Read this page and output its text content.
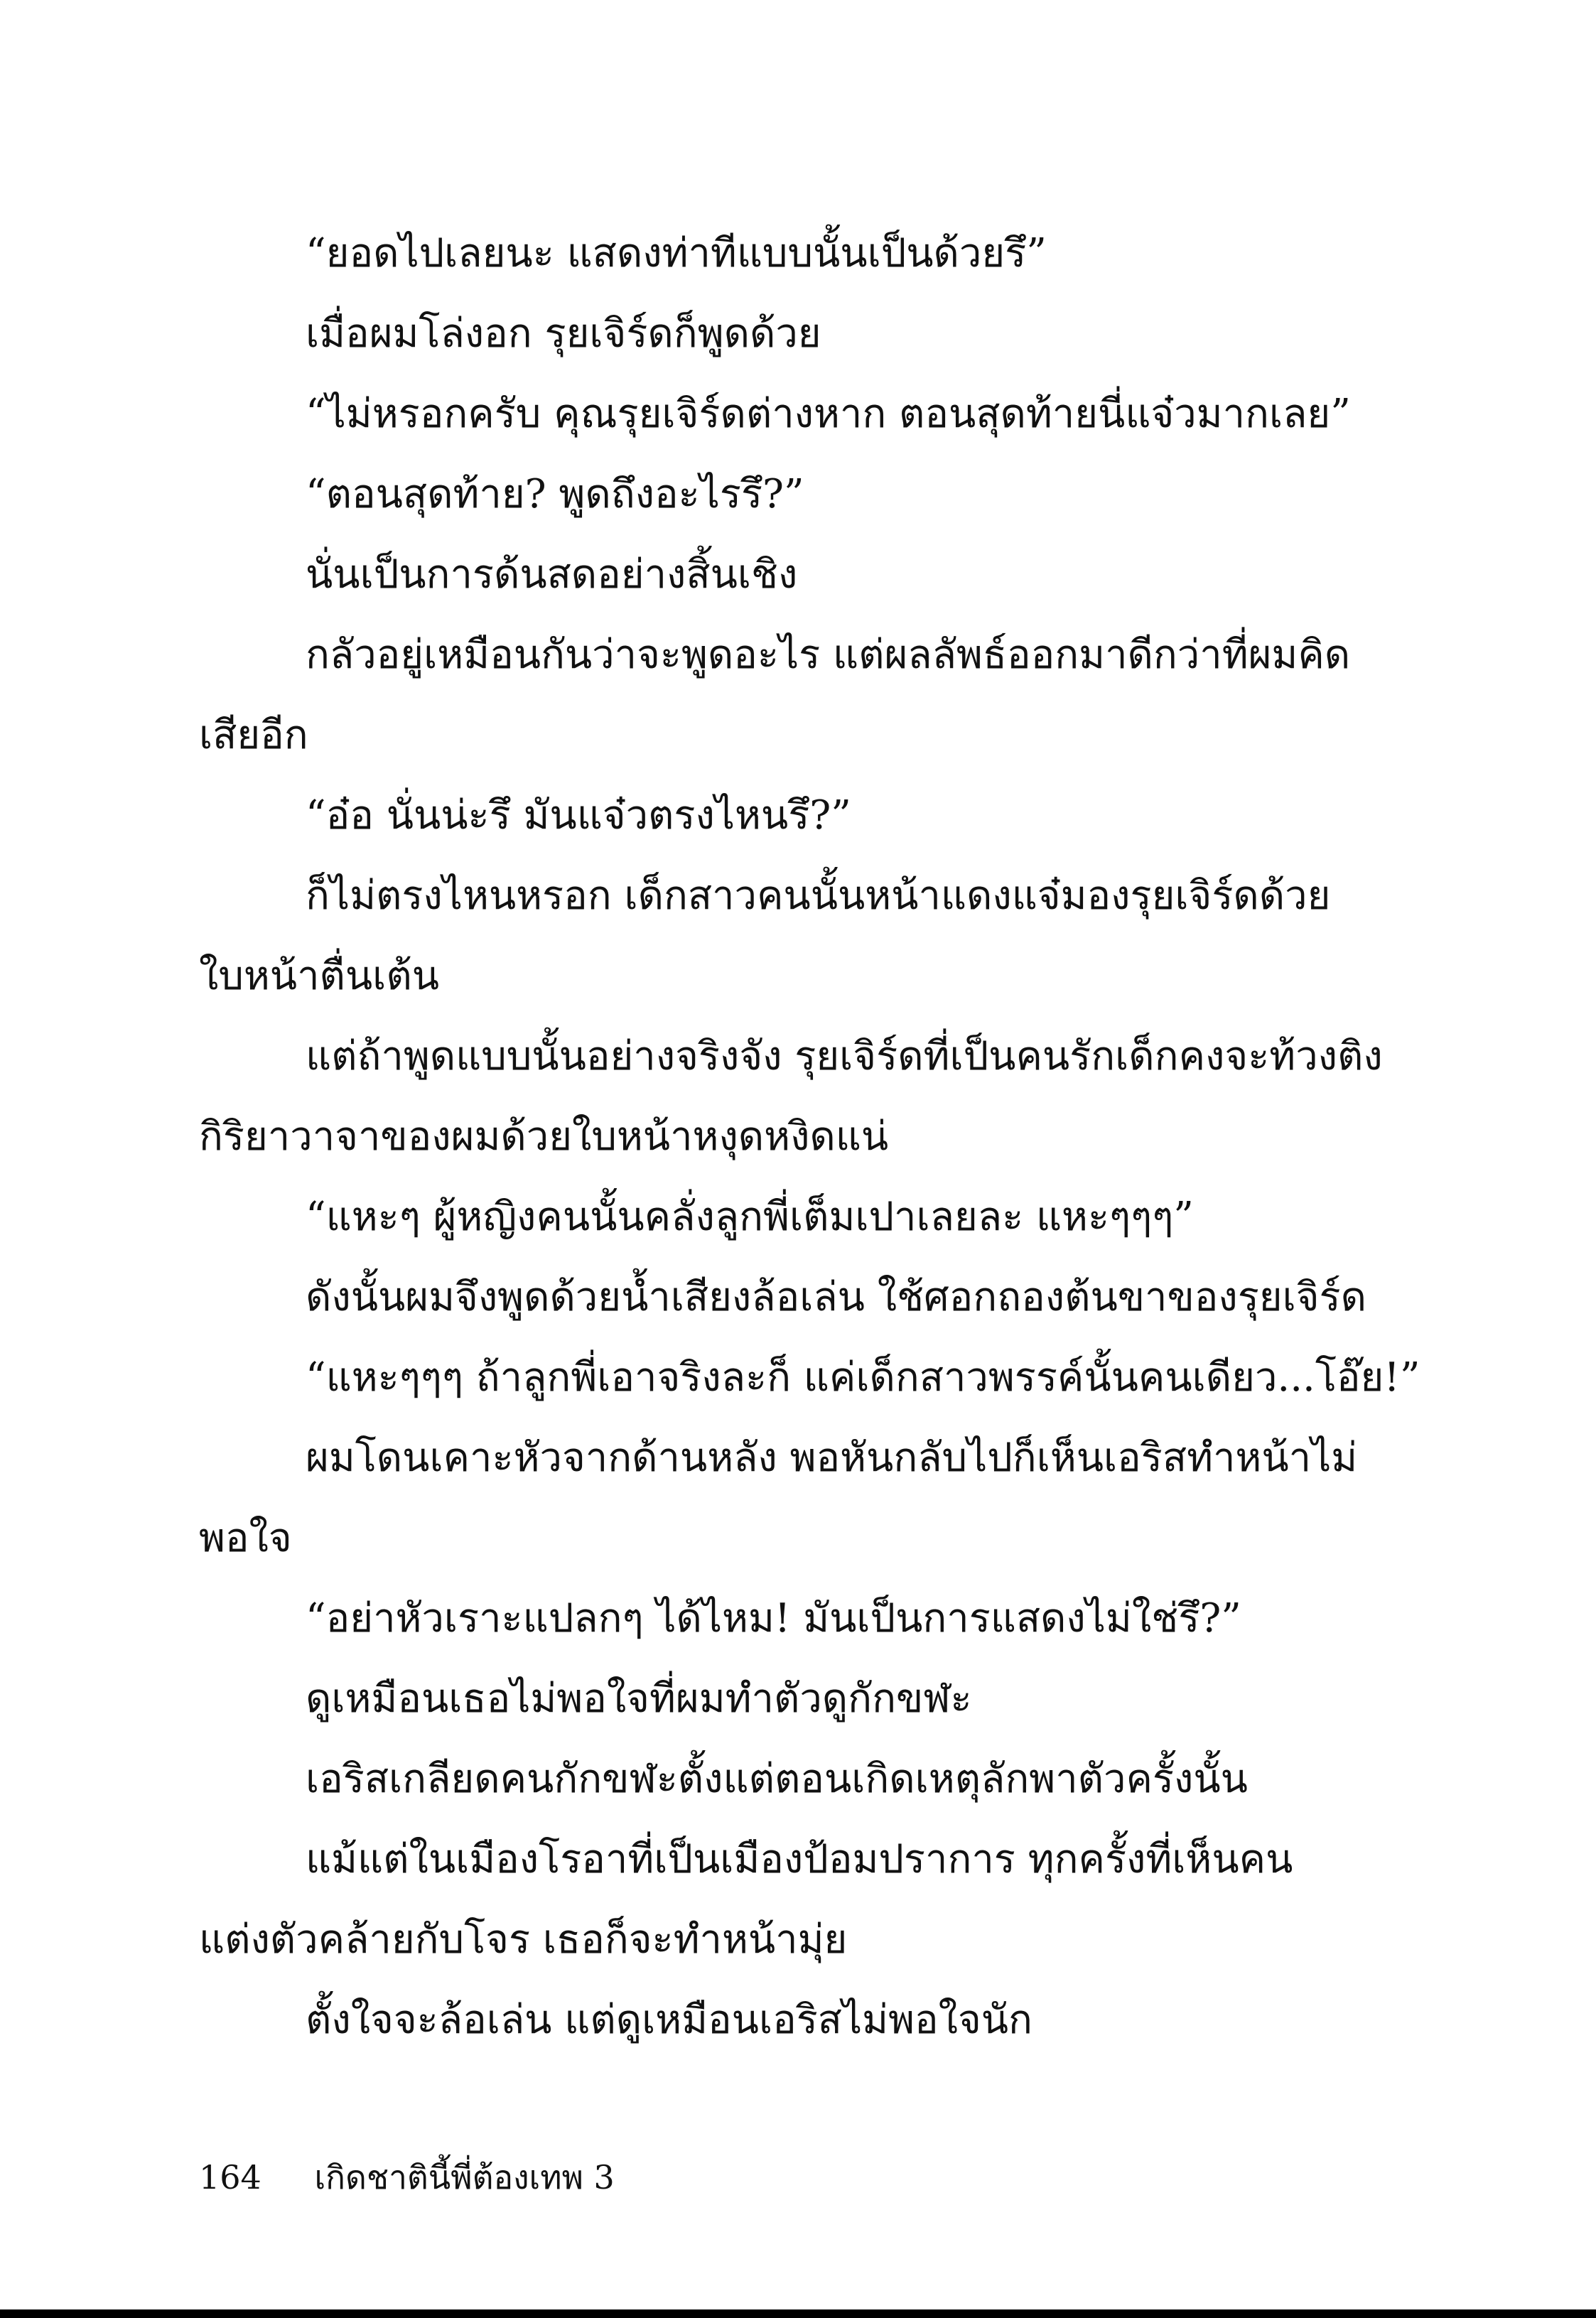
“ยอดไปเลยนะ แสดงท่าทีแบบนั้นเป็นด้วยรึ”
เมื่อผมโล่งอก รุยเจิร์ดก็พูดด้วย
“ไม่หรอกครับ คุณรุยเจิร์ดต่างหาก ตอนสุดท้ายนี่แจ๋วมากเลย”
“ตอนสุดท้าย? พูดถึงอะไรรึ?”
นั่นเป็นการด้นสดอย่างสิ้นเชิง
กลัวอยู่เหมือนกันว่าจะพูดอะไร แต่ผลลัพธ์ออกมาดีกว่าที่ผมคิด
เสียอีก
“อ๋อ นั่นน่ะรึ มันแจ๋วตรงไหนรึ?”
ก็ไม่ตรงไหนหรอก เด็กสาวคนนั้นหน้าแดงแจ๋มองรุยเจิร์ดด้วย
ใบหน้าตื่นเต้น
แต่ถ้าพูดแบบนั้นอย่างจริงจัง รุยเจิร์ดที่เป็นคนรักเด็กคงจะท้วงติง
กิริยาวาจาของผมด้วยใบหน้าหงุดหงิดแน่
“แหะๆ ผู้หญิงคนนั้นคลั่งลูกพี่เต็มเปาเลยละ แหะๆๆๆ”
ดังนั้นผมจึงพูดด้วยน้ำเสียงล้อเล่น ใช้ศอกถองต้นขาของรุยเจิร์ด
“แหะๆๆๆ ถ้าลูกพี่เอาจริงละก็ แค่เด็กสาวพรรค์นั้นคนเดียว...โอ๊ย!”
ผมโดนเคาะหัวจากด้านหลัง พอหันกลับไปก็เห็นเอริสทำหน้าไม่
พอใจ
“อย่าหัวเราะแปลกๆ ได้ไหม! มันเป็นการแสดงไม่ใช่รึ?”
ดูเหมือนเธอไม่พอใจที่ผมทำตัวดูกักขฬะ
เอริสเกลียดคนกักขฬะตั้งแต่ตอนเกิดเหตุลักพาตัวครั้งนั้น
แม้แต่ในเมืองโรอาที่เป็นเมืองป้อมปราการ ทุกครั้งที่เห็นคน
แต่งตัวคล้ายกับโจร เธอก็จะทำหน้ามุ่ย
ตั้งใจจะล้อเล่น แต่ดูเหมือนเอริสไม่พอใจนัก
164 เกิดชาตินี้พี่ต้องเทพ 3
